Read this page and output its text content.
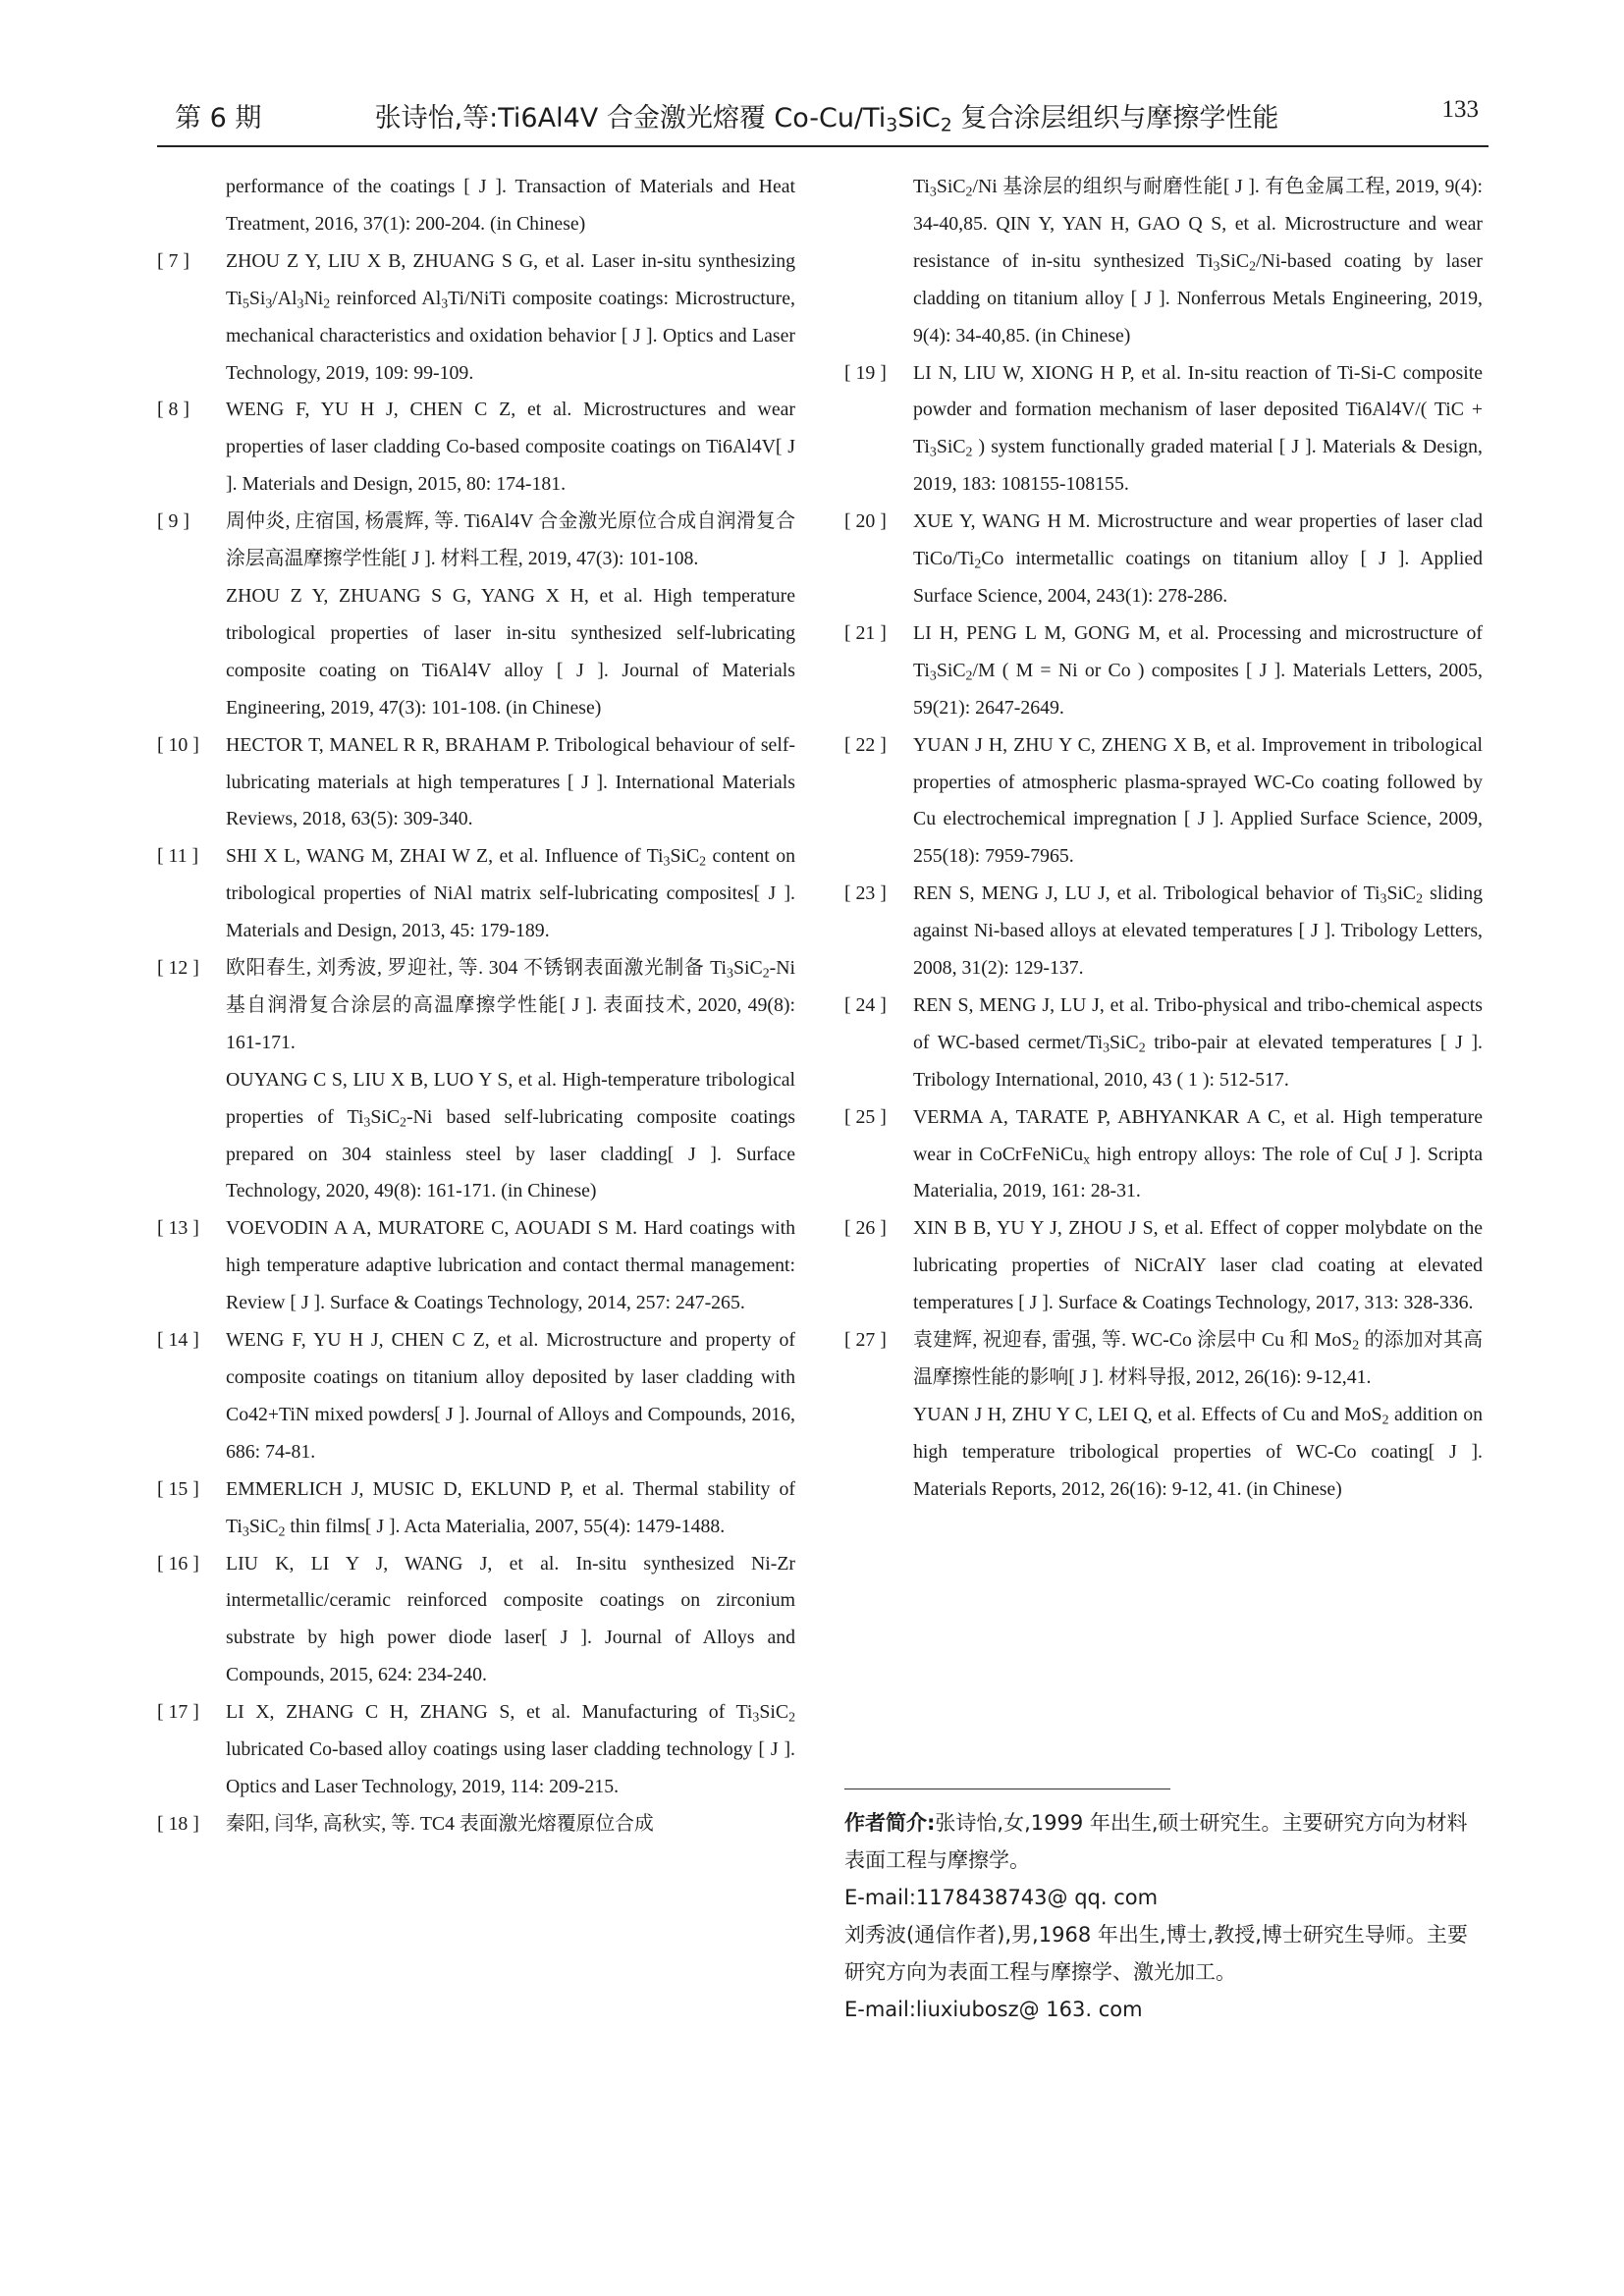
第 6 期	张诗怡,等:Ti6Al4V 合金激光熔覆 $Co-Cu/Ti_3SiC_2$ 复合涂层组织与摩擦学性能	133
performance of the coatings [ J ]. Transaction of Materials and Heat Treatment, 2016, 37(1): 200-204. (in Chinese)
[ 7 ]	ZHOU Z Y, LIU X B, ZHUANG S G, et al. Laser in-situ synthesizing $Ti_5Si_3/Al_3Ni_2$ reinforced $Al_3Ti$/NiTi composite coatings: Microstructure, mechanical characteristics and oxidation behavior [ J ]. Optics and Laser Technology, 2019, 109: 99-109.
[ 8 ]	WENG F, YU H J, CHEN C Z, et al. Microstructures and wear properties of laser cladding Co-based composite coatings on Ti6Al4V[ J ]. Materials and Design, 2015, 80: 174-181.
[ 9 ]	周仲炎, 庄宿国, 杨震辉, 等. Ti6Al4V 合金激光原位合成自润滑复合涂层高温摩擦学性能[ J ]. 材料工程, 2019, 47(3): 101-108.
ZHOU Z Y, ZHUANG S G, YANG X H, et al. High temperature tribological properties of laser in-situ synthesized self-lubricating composite coating on Ti6Al4V alloy [ J ]. Journal of Materials Engineering, 2019, 47(3): 101-108. (in Chinese)
[ 10 ]	HECTOR T, MANEL R R, BRAHAM P. Tribological behaviour of self-lubricating materials at high temperatures [ J ]. International Materials Reviews, 2018, 63(5): 309-340.
[ 11 ]	SHI X L, WANG M, ZHAI W Z, et al. Influence of $Ti_3SiC_2$ content on tribological properties of NiAl matrix self-lubricating composites[ J ]. Materials and Design, 2013, 45: 179-189.
[ 12 ]	欧阳春生, 刘秀波, 罗迎社, 等. 304 不锈钢表面激光制备 $Ti_3SiC_2-Ni$ 基自润滑复合涂层的高温摩擦学性能[ J ]. 表面技术, 2020, 49(8): 161-171.
OUYANG C S, LIU X B, LUO Y S, et al. High-temperature tribological properties of $Ti_3SiC_2-Ni$ based self-lubricating composite coatings prepared on 304 stainless steel by laser cladding[ J ]. Surface Technology, 2020, 49(8): 161-171. (in Chinese)
[ 13 ]	VOEVODIN A A, MURATORE C, AOUADI S M. Hard coatings with high temperature adaptive lubrication and contact thermal management: Review [ J ]. Surface & Coatings Technology, 2014, 257: 247-265.
[ 14 ]	WENG F, YU H J, CHEN C Z, et al. Microstructure and property of composite coatings on titanium alloy deposited by laser cladding with Co42+TiN mixed powders[ J ]. Journal of Alloys and Compounds, 2016, 686: 74-81.
[ 15 ]	EMMERLICH J, MUSIC D, EKLUND P, et al. Thermal stability of $Ti_3SiC_2$ thin films[ J ]. Acta Materialia, 2007, 55(4): 1479-1488.
[ 16 ]	LIU K, LI Y J, WANG J, et al. In-situ synthesized Ni-Zr intermetallic/ceramic reinforced composite coatings on zirconium substrate by high power diode laser[ J ]. Journal of Alloys and Compounds, 2015, 624: 234-240.
[ 17 ]	LI X, ZHANG C H, ZHANG S, et al. Manufacturing of $Ti_3SiC_2$ lubricated Co-based alloy coatings using laser cladding technology [ J ]. Optics and Laser Technology, 2019, 114: 209-215.
[ 18 ]	秦阳, 闫华, 高秋实, 等. TC4 表面激光熔覆原位合成
$Ti_3SiC_2/Ni$ 基涂层的组织与耐磨性能[ J ]. 有色金属工程, 2019, 9(4): 34-40,85. QIN Y, YAN H, GAO Q S, et al. Microstructure and wear resistance of in-situ synthesized $Ti_3SiC_2/Ni$-based coating by laser cladding on titanium alloy [ J ]. Nonferrous Metals Engineering, 2019, 9(4): 34-40,85. (in Chinese)
[ 19 ]	LI N, LIU W, XIONG H P, et al. In-situ reaction of Ti-Si-C composite powder and formation mechanism of laser deposited Ti6Al4V/( TiC + $Ti_3SiC_2$ ) system functionally graded material [ J ]. Materials & Design, 2019, 183: 108155-108155.
[ 20 ]	XUE Y, WANG H M. Microstructure and wear properties of laser clad TiCo/$Ti_2Co$ intermetallic coatings on titanium alloy [ J ]. Applied Surface Science, 2004, 243(1): 278-286.
[ 21 ]	LI H, PENG L M, GONG M, et al. Processing and microstructure of $Ti_3SiC_2/M$ ( M = Ni or Co ) composites [ J ]. Materials Letters, 2005, 59(21): 2647-2649.
[ 22 ]	YUAN J H, ZHU Y C, ZHENG X B, et al. Improvement in tribological properties of atmospheric plasma-sprayed WC-Co coating followed by Cu electrochemical impregnation [ J ]. Applied Surface Science, 2009, 255(18): 7959-7965.
[ 23 ]	REN S, MENG J, LU J, et al. Tribological behavior of $Ti_3SiC_2$ sliding against Ni-based alloys at elevated temperatures [ J ]. Tribology Letters, 2008, 31(2): 129-137.
[ 24 ]	REN S, MENG J, LU J, et al. Tribo-physical and tribo-chemical aspects of WC-based cermet/$Ti_3SiC_2$ tribo-pair at elevated temperatures [ J ]. Tribology International, 2010, 43 ( 1 ): 512-517.
[ 25 ]	VERMA A, TARATE P, ABHYANKAR A C, et al. High temperature wear in CoCrFeNiCu$_x$ high entropy alloys: The role of Cu[ J ]. Scripta Materialia, 2019, 161: 28-31.
[ 26 ]	XIN B B, YU Y J, ZHOU J S, et al. Effect of copper molybdate on the lubricating properties of NiCrAlY laser clad coating at elevated temperatures [ J ]. Surface & Coatings Technology, 2017, 313: 328-336.
[ 27 ]	袁建辉, 祝迎春, 雷强, 等. WC-Co 涂层中 Cu 和 MoS$_2$ 的添加对其高温摩擦性能的影响[ J ]. 材料导报, 2012, 26(16): 9-12,41.
YUAN J H, ZHU Y C, LEI Q, et al. Effects of Cu and MoS$_2$ addition on high temperature tribological properties of WC-Co coating[ J ]. Materials Reports, 2012, 26(16): 9-12, 41. (in Chinese)

作者简介:张诗怡,女,1999 年出生,硕士研究生。主要研究方向为材料表面工程与摩擦学。

E-mail:1178438743@ qq. com

刘秀波(通信作者),男,1968 年出生,博士,教授,博士研究生导师。主要研究方向为表面工程与摩擦学、激光加工。

E-mail:liuxiubosz@ 163. com
